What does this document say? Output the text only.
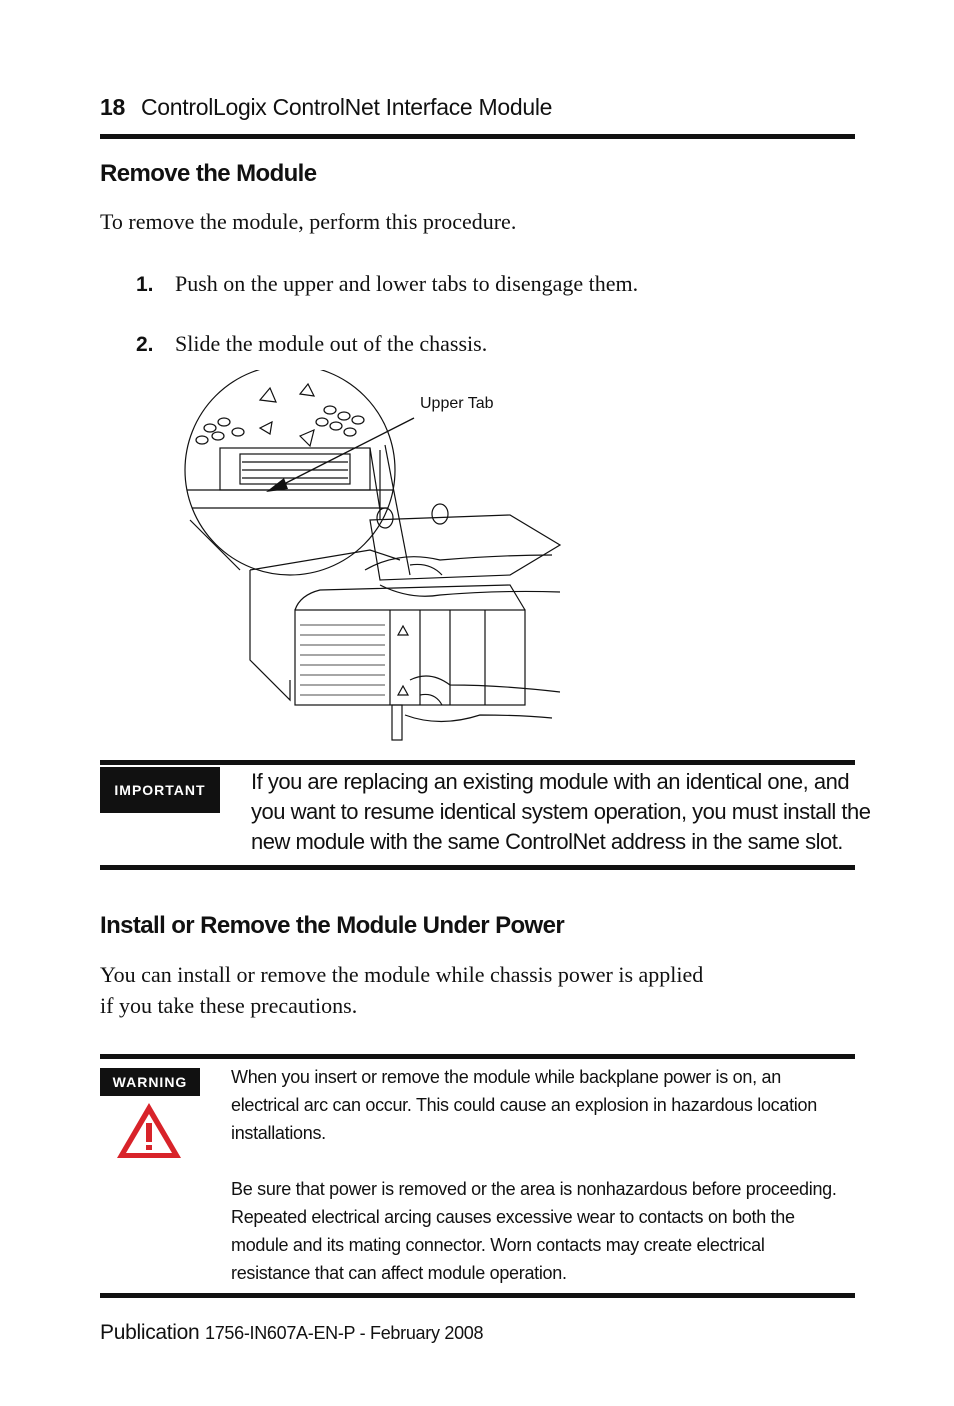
18 ControlLogix ControlNet Interface Module
Remove the Module
To remove the module, perform this procedure.
1. Push on the upper and lower tabs to disengage them.
2. Slide the module out of the chassis.
Upper Tab
IMPORTANT	If you are replacing an existing module with an identical one, and
you want to resume identical system operation, you must install the
new module with the same ControlNet address in the same slot.
Install or Remove the Module Under Power
You can install or remove the module while chassis power is applied
if you take these precautions.
WARNING	When you insert or remove the module while backplane power is on, an
electrical arc can occur. This could cause an explosion in hazardous location
installations.
Be sure that power is removed or the area is nonhazardous before proceeding.
Repeated electrical arcing causes excessive wear to contacts on both the
module and its mating connector. Worn contacts may create electrical
resistance that can affect module operation.
Publication 1756-IN607A-EN-P - February 2008
